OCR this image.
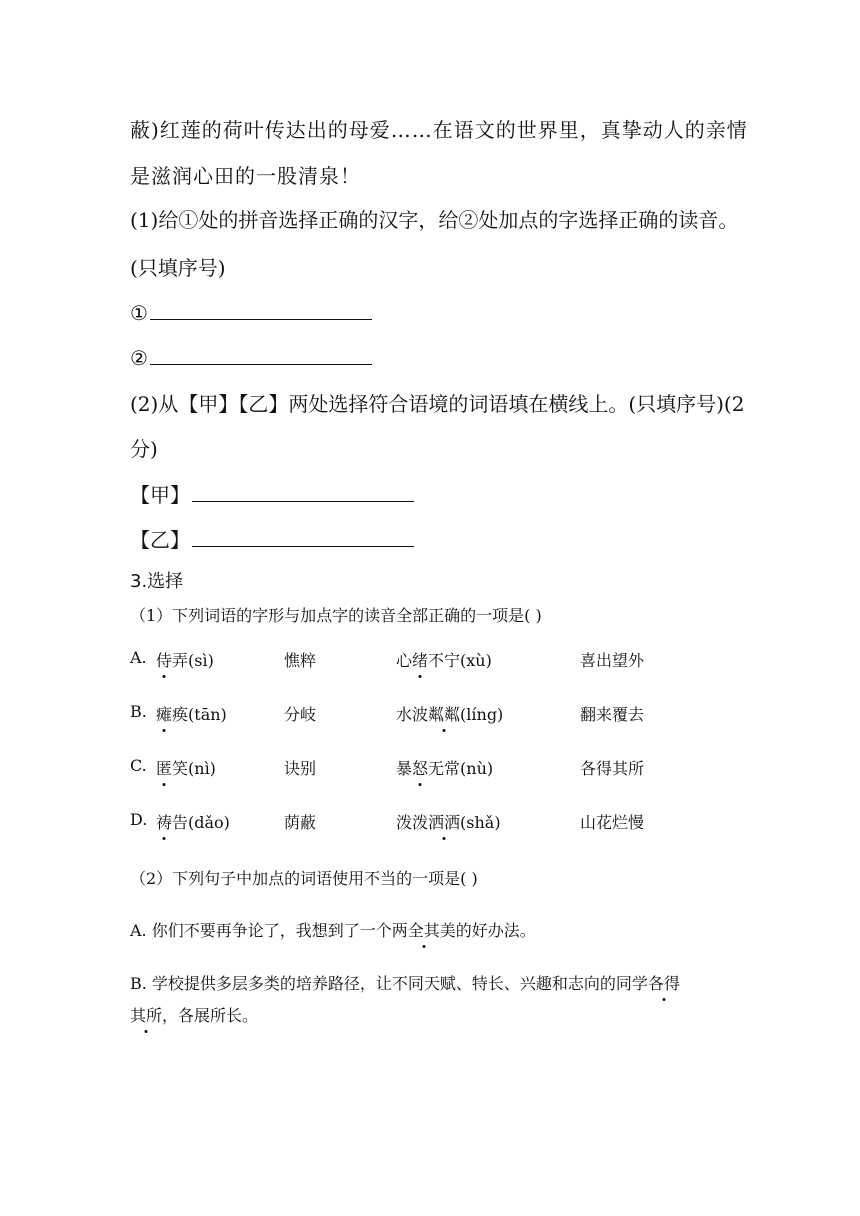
蔽)红莲的荷叶传达出的母爱……在语文的世界里，真挚动人的亲情
是滋润心田的一股清泉！
(1)给①处的拼音选择正确的汉字，给②处加点的字选择正确的读音。
(只填序号)
①
②
(2)从【甲】【乙】两处选择符合语境的词语填在横线上。(只填序号)(2
分)
【甲】
【乙】
3.选择
（1）下列词语的字形与加点字的读音全部正确的一项是( )
A. 侍弄(sì)	憔粹	心绪不宁(xù)	喜出望外
B. 瘫痪(tān)	分岐	水波粼粼(líng)	翻来覆去
C. 匿笑(nì)	诀别	暴怒无常(nù)	各得其所
D. 祷告(dǎo)	荫蔽	泼泼洒洒(shǎ)	山花烂慢
（2）下列句子中加点的词语使用不当的一项是( )
A. 你们不要再争论了，我想到了一个两全其美的好办法。
B. 学校提供多层多类的培养路径，让不同天赋、特长、兴趣和志向的同学各得
其所，各展所长。
